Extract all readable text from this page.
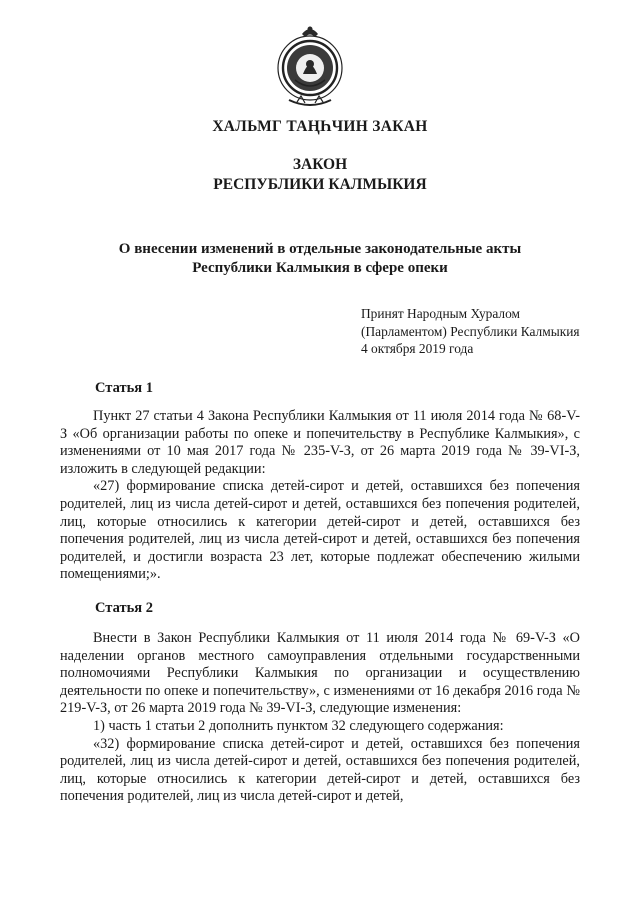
ХАЛЬМГ ТАҢҺЧИН ЗАКАН
ЗАКОН
РЕСПУБЛИКИ КАЛМЫКИЯ
О внесении изменений в отдельные законодательные акты
Республики Калмыкия в сфере опеки
Принят Народным Хуралом
(Парламентом) Республики Калмыкия
4 октября 2019 года
Статья 1

Пункт 27 статьи 4 Закона Республики Калмыкия от 11 июля 2014 года № 68-V-З «Об организации работы по опеке и попечительству в Республике Калмыкия», с изменениями от 10 мая 2017 года № 235-V-З, от 26 марта 2019 года № 39-VI-З, изложить в следующей редакции:

«27) формирование списка детей-сирот и детей, оставшихся без попечения родителей, лиц из числа детей-сирот и детей, оставшихся без попечения родителей, лиц, которые относились к категории детей-сирот и детей, оставшихся без попечения родителей, лиц из числа детей-сирот и детей, оставшихся без попечения родителей, и достигли возраста 23 лет, которые подлежат обеспечению жилыми помещениями;».

Статья 2

Внести в Закон Республики Калмыкия от 11 июля 2014 года № 69-V-З «О наделении органов местного самоуправления отдельными государственными полномочиями Республики Калмыкия по организации и осуществлению деятельности по опеке и попечительству», с изменениями от 16 декабря 2016 года № 219-V-З, от 26 марта 2019 года № 39-VI-З, следующие изменения:

1) часть 1 статьи 2 дополнить пунктом 32 следующего содержания:

«32) формирование списка детей-сирот и детей, оставшихся без попечения родителей, лиц из числа детей-сирот и детей, оставшихся без попечения родителей, лиц, которые относились к категории детей-сирот и детей, оставшихся без попечения родителей, лиц из числа детей-сирот и детей,
